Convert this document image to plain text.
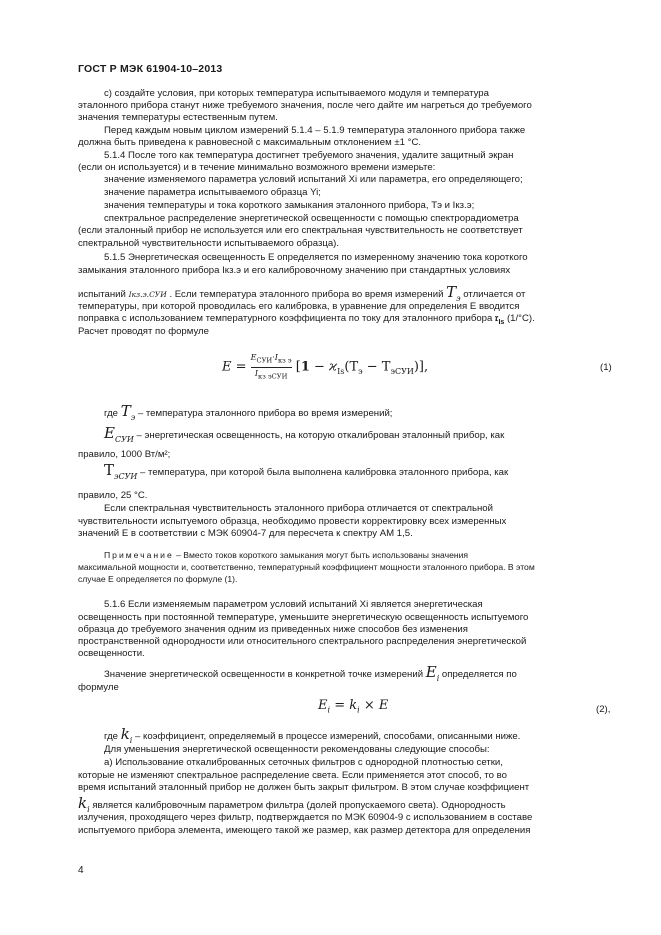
ГОСТ Р МЭК 61904-10–2013
c) создайте условия, при которых температура испытываемого модуля и температура
эталонного прибора станут ниже требуемого значения, после чего дайте им нагреться до требуемого
значения температуры естественным путем.
Перед каждым новым циклом измерений 5.1.4 – 5.1.9 температура эталонного прибора также
должна быть приведена к равновесной с максимальным отклонением ±1 °C.
5.1.4 После того как температура достигнет требуемого значения, удалите защитный экран
(если он используется) и в течение минимально возможного времени измерьте:
значение изменяемого параметра условий испытаний Xi или параметра, его определяющего;
значение параметра испытываемого образца Yi;
значения температуры и тока короткого замыкания эталонного прибора, Tэ и Iкз.э;
спектральное распределение энергетической освещенности с помощью спектрорадиометра
(если эталонный прибор не используется или его спектральная чувствительность не соответствует
спектральной чувствительности испытываемого образца).
5.1.5 Энергетическая освещенность E определяется по измеренному значению тока короткого
замыкания эталонного прибора Iкз.э и его калибровочному значению при стандартных условиях
испытаний Iкз.э.СУИ . Если температура эталонного прибора во время измерений $T_э$ отличается от
температуры, при которой проводилась его калибровка, в уравнение для определения E вводится
поправка с использованием температурного коэффициента по току для эталонного прибора 𝔯$_{Is}$ (1/°C).
Расчет проводят по формуле
E =
$E_{СУИ}\cdot I_{кз э}$
$I_{кз эСУИ}$
$[1 - ϰ_{Is}(T_э - T_{эСУИ})]$,	(1)
где $T_э$ – температура эталонного прибора во время измерений;
$E_{СУИ}$ – энергетическая освещенность, на которую откалиброван эталонный прибор, как
правило, 1000 Вт/м²;
$T_{эСУИ}$ – температура, при которой была выполнена калибровка эталонного прибора, как
правило, 25 °C.
Если спектральная чувствительность эталонного прибора отличается от спектральной
чувствительности испытуемого образца, необходимо провести корректировку всех измеренных
значений E в соответствии с МЭК 60904-7 для пересчета к спектру AM 1,5.
Примечание – Вместо токов короткого замыкания могут быть использованы значения
максимальной мощности и, соответственно, температурный коэффициент мощности эталонного прибора. В этом
случае E определяется по формуле (1).
5.1.6 Если изменяемым параметром условий испытаний Xi является энергетическая
освещенность при постоянной температуре, уменьшите энергетическую освещенность испытуемого
образца до требуемого значения одним из приведенных ниже способов без изменения
пространственной однородности или относительного спектрального распределения энергетической
освещенности.
Значение энергетической освещенности в конкретной точке измерений $E_i$ определяется по
формуле
$E_i = k_i \times E$	(2),
где $k_i$ – коэффициент, определяемый в процессе измерений, способами, описанными ниже.
Для уменьшения энергетической освещенности рекомендованы следующие способы:
а) Использование откалиброванных сеточных фильтров с однородной плотностью сетки,
которые не изменяют спектральное распределение света. Если применяется этот способ, то во
время испытаний эталонный прибор не должен быть закрыт фильтром. В этом случае коэффициент
$k_i$ является калибровочным параметром фильтра (долей пропускаемого света). Однородность
излучения, проходящего через фильтр, подтверждается по МЭК 60904-9 с использованием в составе
испытуемого прибора элемента, имеющего такой же размер, как размер детектора для определения
4
